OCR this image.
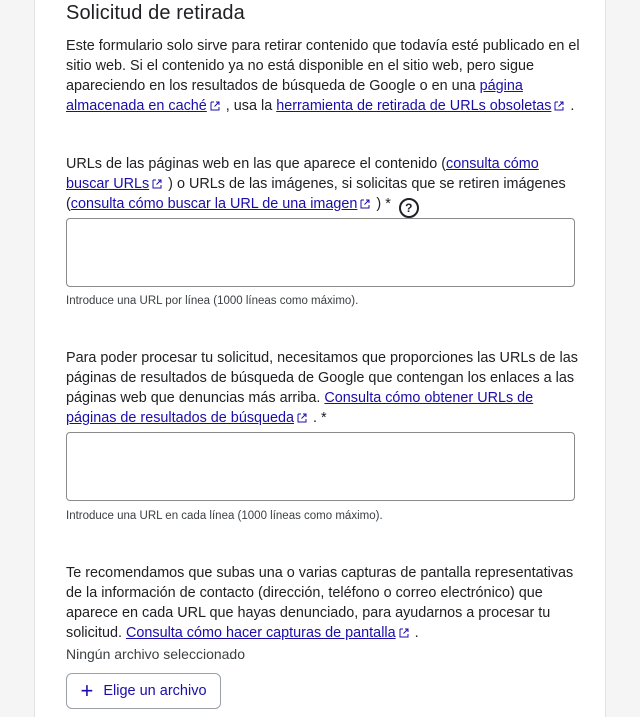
Solicitud de retirada

Este formulario solo sirve para retirar contenido que todavía esté publicado en el sitio web. Si el contenido ya no está disponible en el sitio web, pero sigue apareciendo en los resultados de búsqueda de Google o en una página almacenada en caché , usa la herramienta de retirada de URLs obsoletas .

URLs de las páginas web en las que aparece el contenido (consulta cómo buscar URLs ) o URLs de las imágenes, si solicitas que se retiren imágenes (consulta cómo buscar la URL de una imagen ) * ?

Introduce una URL por línea (1000 líneas como máximo).

Para poder procesar tu solicitud, necesitamos que proporciones las URLs de las páginas de resultados de búsqueda de Google que contengan los enlaces a las páginas web que denuncias más arriba. Consulta cómo obtener URLs de páginas de resultados de búsqueda . *

Introduce una URL en cada línea (1000 líneas como máximo).

Te recomendamos que subas una o varias capturas de pantalla representativas de la información de contacto (dirección, teléfono o correo electrónico) que aparece en cada URL que hayas denunciado, para ayudarnos a procesar tu solicitud. Consulta cómo hacer capturas de pantalla .

Ningún archivo seleccionado
+ Elige un archivo
